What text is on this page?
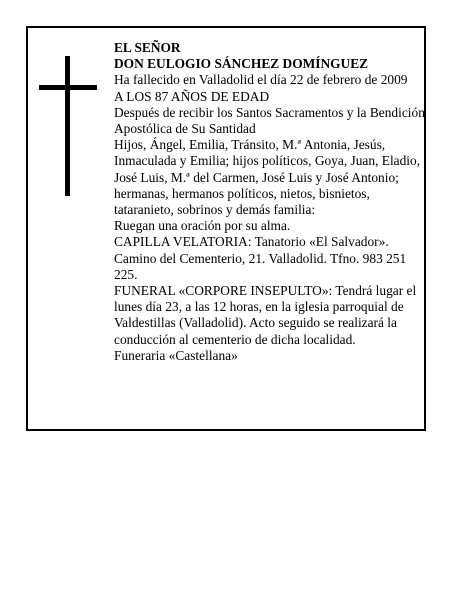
EL SEÑOR

DON EULOGIO SÁNCHEZ DOMÍNGUEZ

Ha fallecido en Valladolid el día 22 de febrero de 2009

A LOS 87 AÑOS DE EDAD

Después de recibir los Santos Sacramentos y la Bendición Apostólica de Su Santidad

Hijos, Ángel, Emilia, Tránsito, M.ª Antonia, Jesús, Inmaculada y Emilia; hijos políticos, Goya, Juan, Eladio, José Luis, M.ª del Carmen, José Luis y José Antonio; hermanas, hermanos políticos, nietos, bisnietos, tataranieto, sobrinos y demás familia:

Ruegan una oración por su alma.

CAPILLA VELATORIA: Tanatorio «El Salvador». Camino del Cementerio, 21. Valladolid. Tfno. 983 251 225.

FUNERAL «CORPORE INSEPULTO»: Tendrá lugar el lunes día 23, a las 12 horas, en la iglesia parroquial de Valdestillas (Valladolid). Acto seguido se realizará la conducción al cementerio de dicha localidad.

Funeraria «Castellana»
